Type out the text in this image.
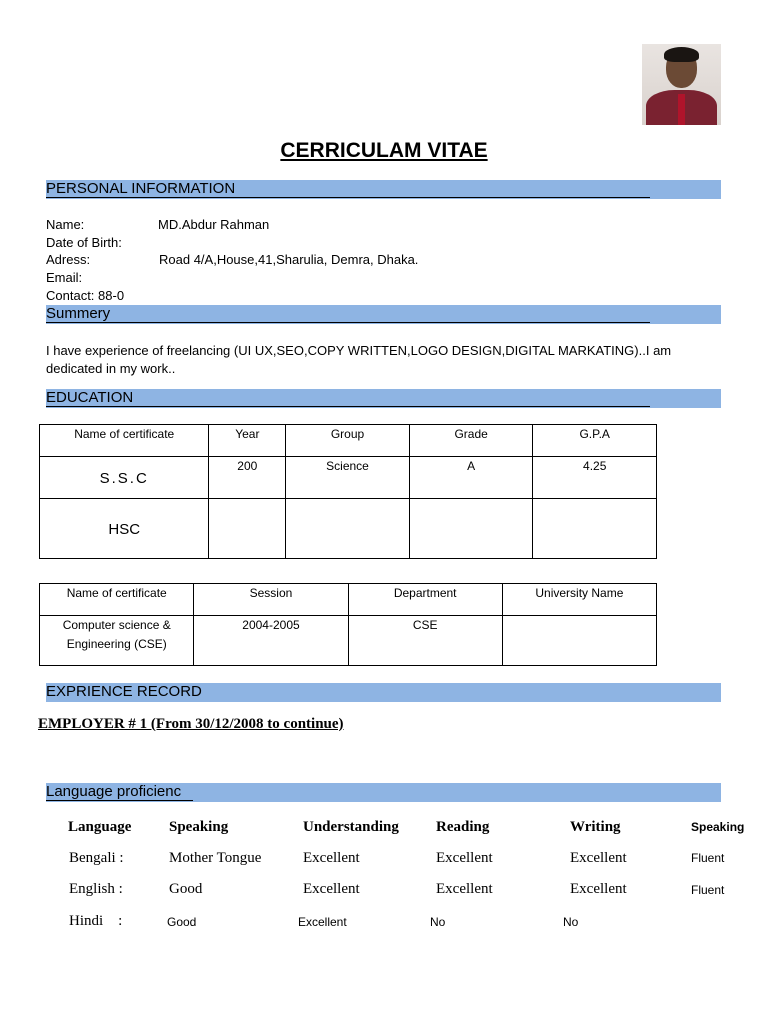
CERRICULAM VITAE
PERSONAL INFORMATION
Name:	MD.Abdur Rahman
Date of Birth:
Adress:	Road 4/A,House,41,Sharulia, Demra, Dhaka.
Email:
Contact: 88-0
Summery
I have experience of freelancing (UI UX,SEO,COPY WRITTEN,LOGO DESIGN,DIGITAL MARKATING)..I am dedicated in my work..
EDUCATION
Name of certificate	Year	Group	Grade	G.P.A
S.S.C	200	Science	A	4.25
HSC				
Name of certificate	Session	Department	University Name
Computer science & Engineering (CSE)	2004-2005	CSE	
EXPRIENCE RECORD
EMPLOYER # 1 (From 30/12/2008 to continue)
Language proficienc
Language	Speaking	Understanding Reading	Writing	Speaking
Bengali :	Mother Tongue	Excellent	Excellent	Excellent	Fluent
English :	Good	Excellent	Excellent	Excellent	Fluent
Hindi    :	Good	Excellent	No	No
